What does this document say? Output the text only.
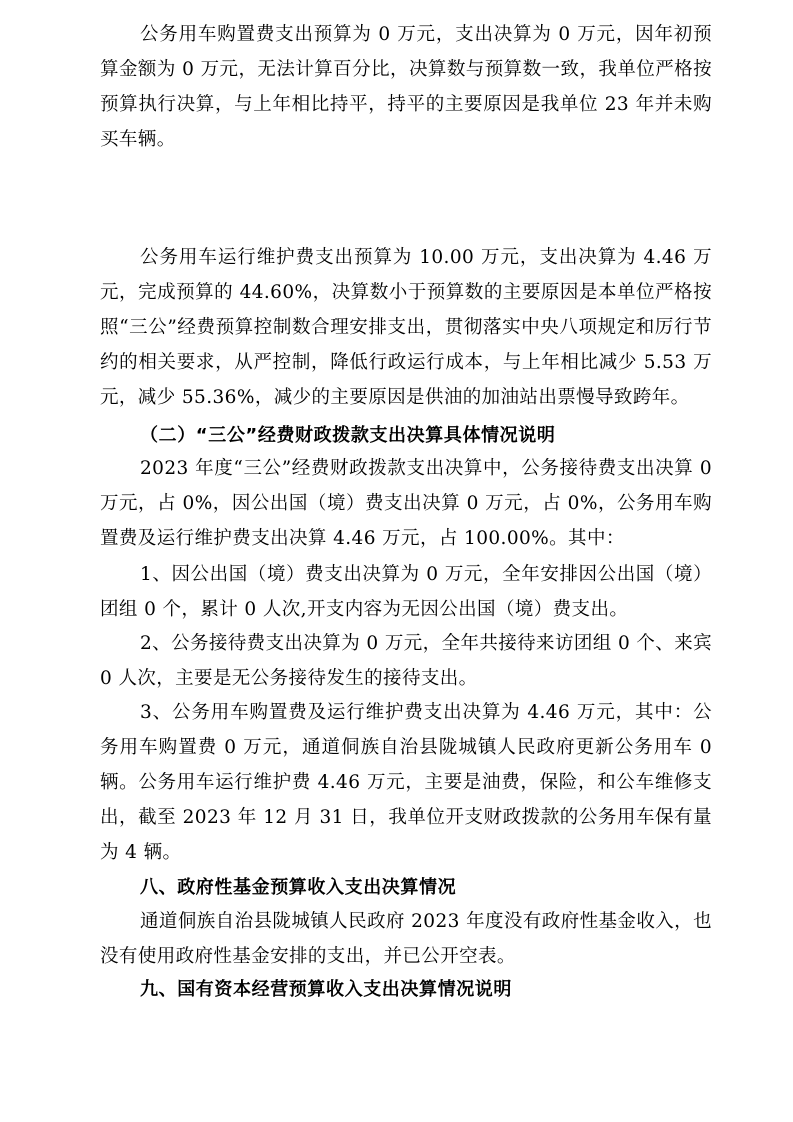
公务用车购置费支出预算为 0 万元，支出决算为 0 万元，因年初预算金额为 0 万元，无法计算百分比，决算数与预算数一致，我单位严格按预算执行决算，与上年相比持平，持平的主要原因是我单位 23 年并未购买车辆。

公务用车运行维护费支出预算为 10.00 万元，支出决算为 4.46 万元，完成预算的 44.60%，决算数小于预算数的主要原因是本单位严格按照“三公”经费预算控制数合理安排支出，贯彻落实中央八项规定和厉行节约的相关要求，从严控制，降低行政运行成本，与上年相比减少 5.53 万元，减少 55.36%，减少的主要原因是供油的加油站出票慢导致跨年。

（二）“三公”经费财政拨款支出决算具体情况说明

2023 年度“三公”经费财政拨款支出决算中，公务接待费支出决算 0 万元，占 0%，因公出国（境）费支出决算 0 万元，占 0%，公务用车购置费及运行维护费支出决算 4.46 万元，占 100.00%。其中：

1、因公出国（境）费支出决算为 0 万元，全年安排因公出国（境）团组 0 个，累计 0 人次,开支内容为无因公出国（境）费支出。

2、公务接待费支出决算为 0 万元，全年共接待来访团组 0 个、来宾 0 人次，主要是无公务接待发生的接待支出。

3、公务用车购置费及运行维护费支出决算为 4.46 万元，其中：公务用车购置费 0 万元，通道侗族自治县陇城镇人民政府更新公务用车 0 辆。公务用车运行维护费 4.46 万元，主要是油费，保险，和公车维修支出，截至 2023 年 12 月 31 日，我单位开支财政拨款的公务用车保有量为 4 辆。

八、政府性基金预算收入支出决算情况

通道侗族自治县陇城镇人民政府 2023 年度没有政府性基金收入，也没有使用政府性基金安排的支出，并已公开空表。

九、国有资本经营预算收入支出决算情况说明
